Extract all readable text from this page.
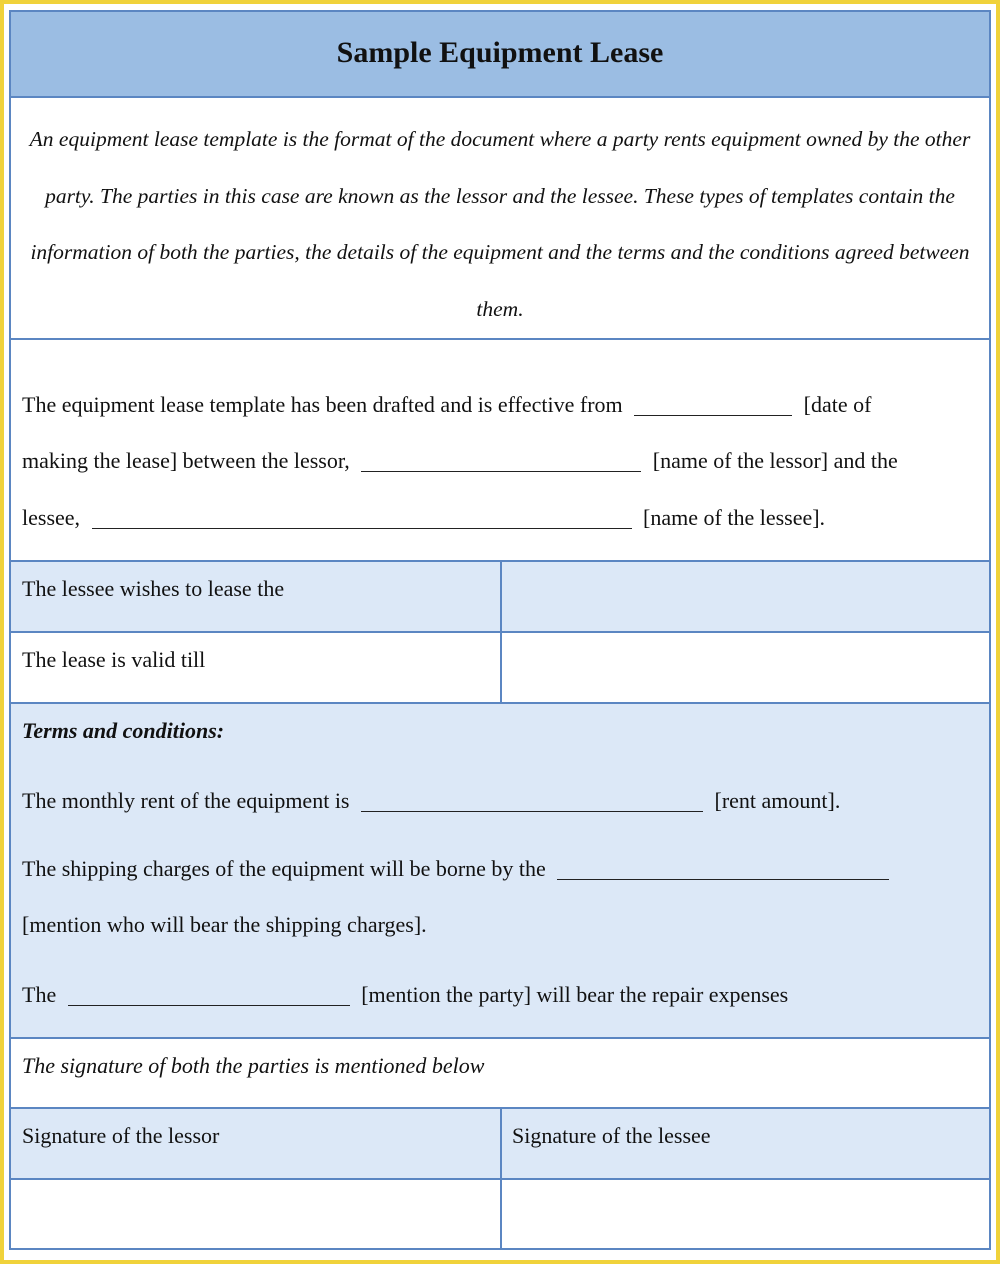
Sample Equipment Lease
An equipment lease template is the format of the document where a party rents equipment owned by the other party. The parties in this case are known as the lessor and the lessee. These types of templates contain the information of both the parties, the details of the equipment and the terms and the conditions agreed between them.
The equipment lease template has been drafted and is effective from	[date of
making the lease] between the lessor,	[name of the lessor] and the
lessee,	[name of the lessee].
The lessee wishes to lease the
The lease is valid till
Terms and conditions:
The monthly rent of the equipment is	[rent amount].
The shipping charges of the equipment will be borne by the
[mention who will bear the shipping charges].
The	[mention the party] will bear the repair expenses
The signature of both the parties is mentioned below
Signature of the lessor	Signature of the lessee
